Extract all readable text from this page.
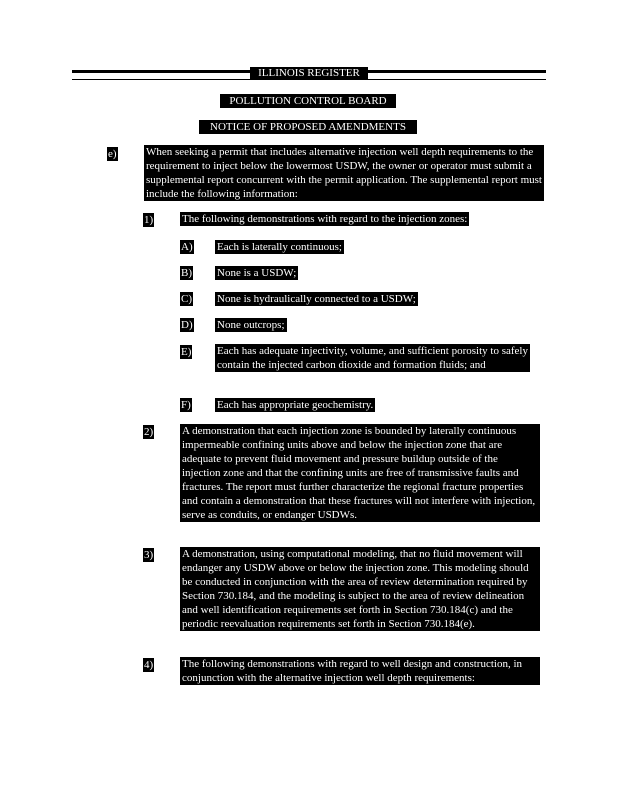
ILLINOIS REGISTER
POLLUTION CONTROL BOARD
NOTICE OF PROPOSED AMENDMENTS
e)	When seeking a permit that includes alternative injection well depth requirements to the requirement to inject below the lowermost USDW, the owner or operator must submit a supplemental report concurrent with the permit application. The supplemental report must include the following information:
1)	The following demonstrations with regard to the injection zones:
A) Each is laterally continuous;
B) None is a USDW;
C) None is hydraulically connected to a USDW;
D) None outcrops;
E) Each has adequate injectivity, volume, and sufficient porosity to safely contain the injected carbon dioxide and formation fluids; and
F) Each has appropriate geochemistry.
2)	A demonstration that each injection zone is bounded by laterally continuous impermeable confining units above and below the injection zone that are adequate to prevent fluid movement and pressure buildup outside of the injection zone and that the confining units are free of transmissive faults and fractures. The report must further characterize the regional fracture properties and contain a demonstration that these fractures will not interfere with injection, serve as conduits, or endanger USDWs.
3)	A demonstration, using computational modeling, that no fluid movement will endanger any USDW above or below the injection zone. This modeling should be conducted in conjunction with the area of review determination required by Section 730.184, and the modeling is subject to the area of review delineation and well identification requirements set forth in Section 730.184(c) and the periodic reevaluation requirements set forth in Section 730.184(e).
4)	The following demonstrations with regard to well design and construction, in conjunction with the alternative injection well depth requirements:
